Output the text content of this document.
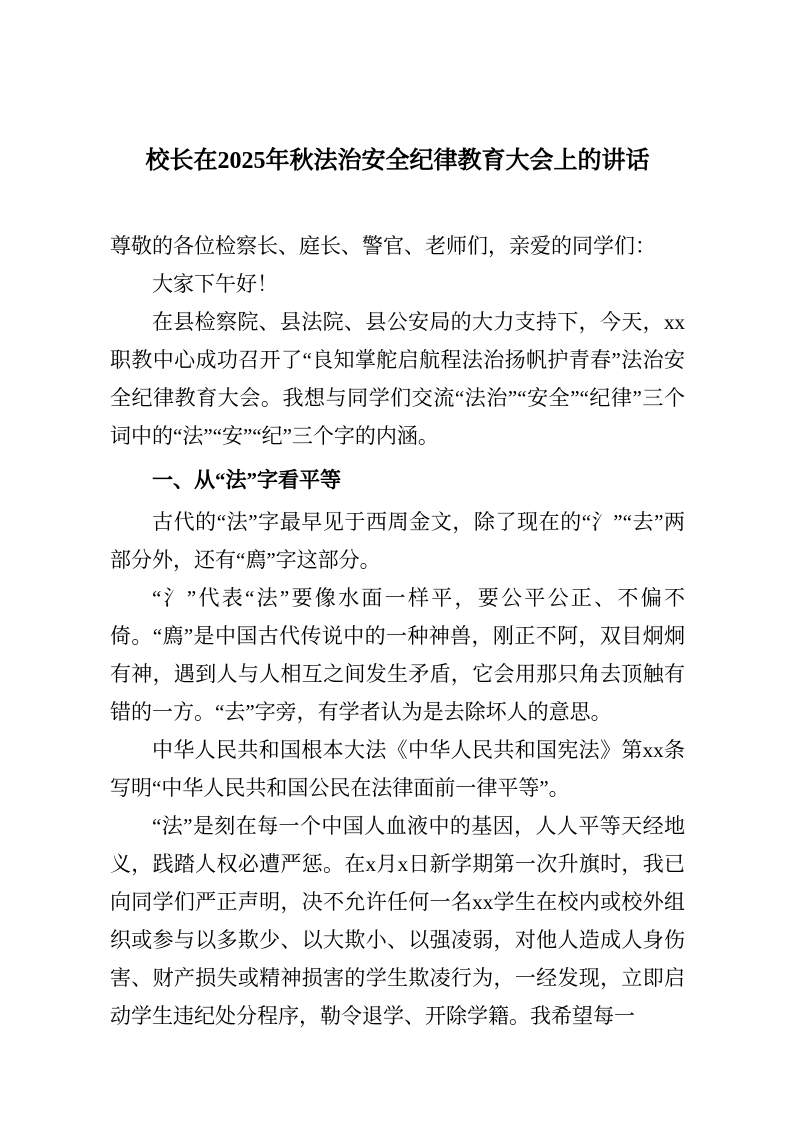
校长在2025年秋法治安全纪律教育大会上的讲话

尊敬的各位检察长、庭长、警官、老师们，亲爱的同学们：

大家下午好！

在县检察院、县法院、县公安局的大力支持下，今天，xx职教中心成功召开了“良知掌舵启航程法治扬帆护青春”法治安全纪律教育大会。我想与同学们交流“法治”“安全”“纪律”三个词中的“法”“安”“纪”三个字的内涵。

一、从“法”字看平等

古代的“法”字最早见于西周金文，除了现在的“氵”“去”两部分外，还有“廌”字这部分。

“氵”代表“法”要像水面一样平，要公平公正、不偏不倚。“廌”是中国古代传说中的一种神兽，刚正不阿，双目炯炯有神，遇到人与人相互之间发生矛盾，它会用那只角去顶触有错的一方。“去”字旁，有学者认为是去除坏人的意思。

中华人民共和国根本大法《中华人民共和国宪法》第xx条写明“中华人民共和国公民在法律面前一律平等”。

“法”是刻在每一个中国人血液中的基因，人人平等天经地义，践踏人权必遭严惩。在x月x日新学期第一次升旗时，我已向同学们严正声明，决不允许任何一名xx学生在校内或校外组织或参与以多欺少、以大欺小、以强凌弱，对他人造成人身伤害、财产损失或精神损害的学生欺凌行为，一经发现，立即启动学生违纪处分程序，勒令退学、开除学籍。我希望每一
